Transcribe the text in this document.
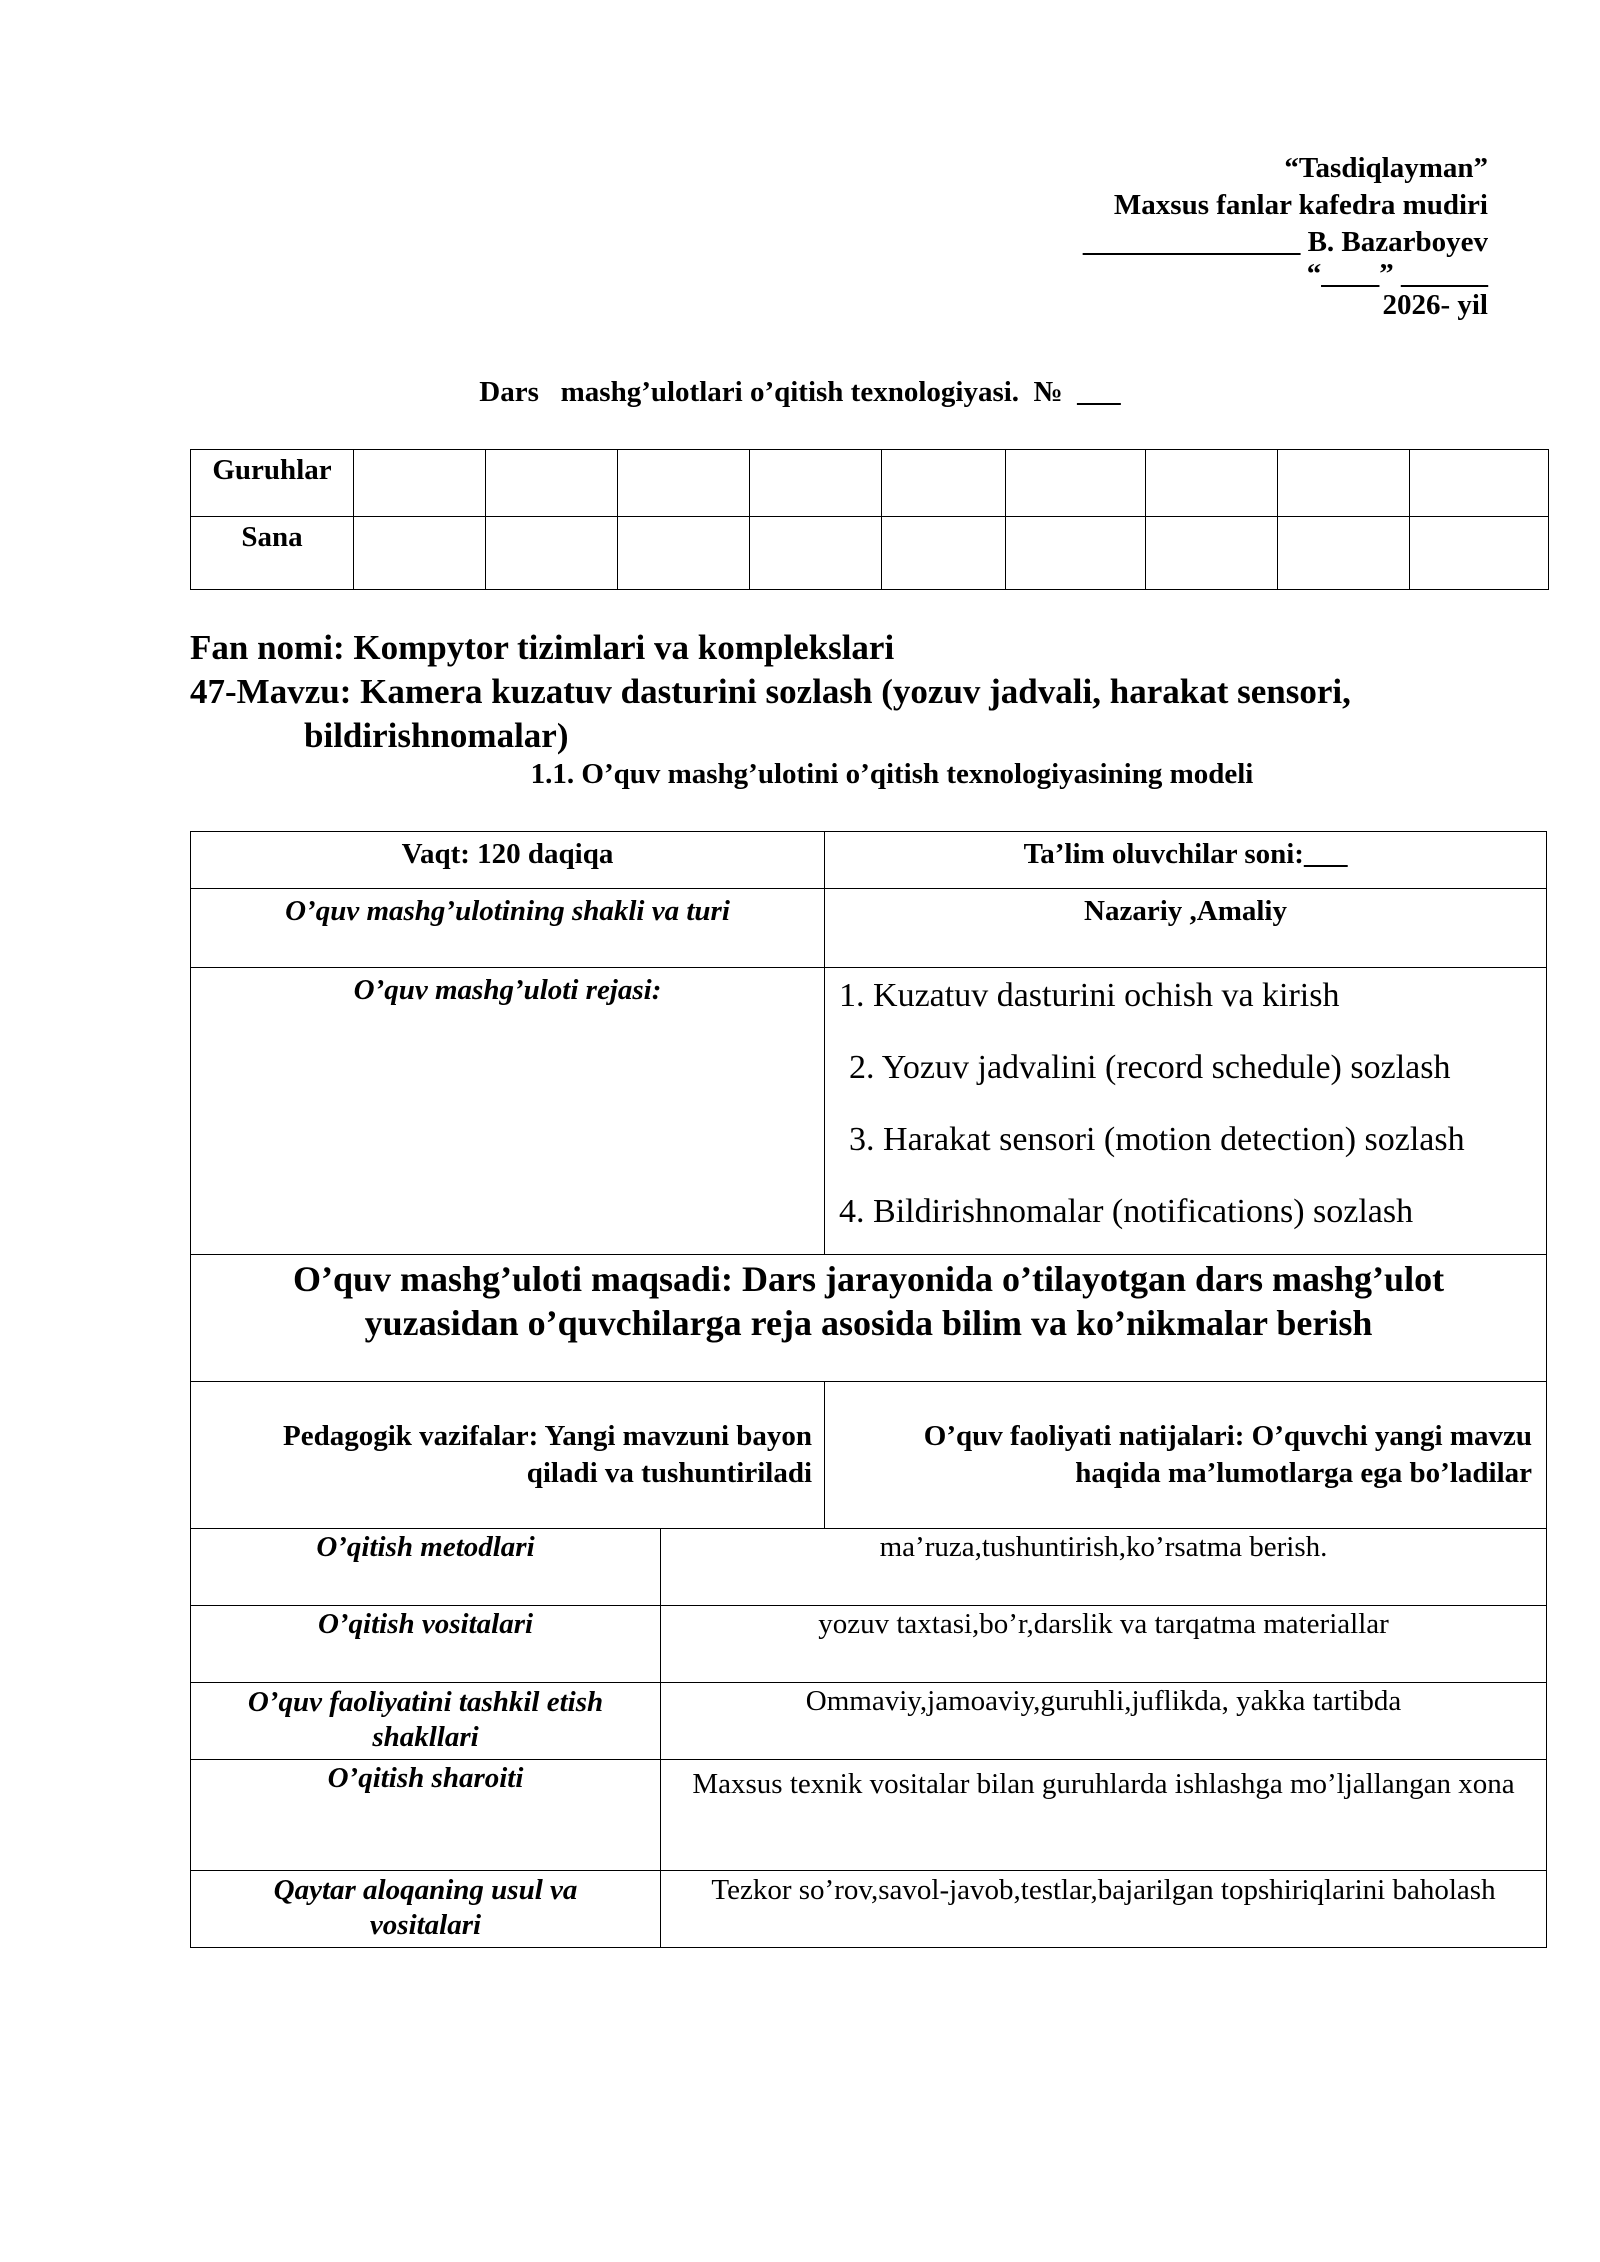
“Tasdiqlayman”
Maxsus fanlar kafedra mudiri
_______________ B. Bazarboyev
“____” ______
2026- yil
Dars   mashg’ulotlari o’qitish texnologiyasi.  №  ___
Guruhlar									
Sana									
Fan nomi: Kompytor tizimlari va komplekslari
47-Mavzu: Kamera kuzatuv dasturini sozlash (yozuv jadvali, harakat sensori,
bildirishnomalar)
1.1. O’quv mashg’ulotini o’qitish texnologiyasining modeli
Vaqt: 120 daqiqa		Ta’lim oluvchilar soni:___
O’quv mashg’ulotining shakli va turi		Nazariy ,Amaliy
O’quv mashg’uloti rejasi:		1. Kuzatuv dasturini ochish va kirish
2. Yozuv jadvalini (record schedule) sozlash
3. Harakat sensori (motion detection) sozlash
4. Bildirishnomalar (notifications) sozlash

O’quv mashg’uloti maqsadi: Dars jarayonida o’tilayotgan dars mashg’ulot yuzasidan o’quvchilarga reja asosida bilim va ko’nikmalar berish		

Pedagogik vazifalar: Yangi mavzuni bayon qiladi va tushuntiriladi		O’quv faoliyati natijalari: O’quvchi yangi mavzu haqida ma’lumotlarga ega bo’ladilar
O’qitish metodlari	ma’ruza,tushuntirish,ko’rsatma berish.	
O’qitish vositalari	yozuv taxtasi,bo’r,darslik va tarqatma materiallar	
O’quv faoliyatini tashkil etish shakllari	Ommaviy,jamoaviy,guruhli,juflikda, yakka tartibda	
O’qitish sharoiti	Maxsus texnik vositalar bilan guruhlarda ishlashga mo’ljallangan xona	
Qaytar aloqaning usul va vositalari	Tezkor so’rov,savol-javob,testlar,bajarilgan topshiriqlarini baholash	
